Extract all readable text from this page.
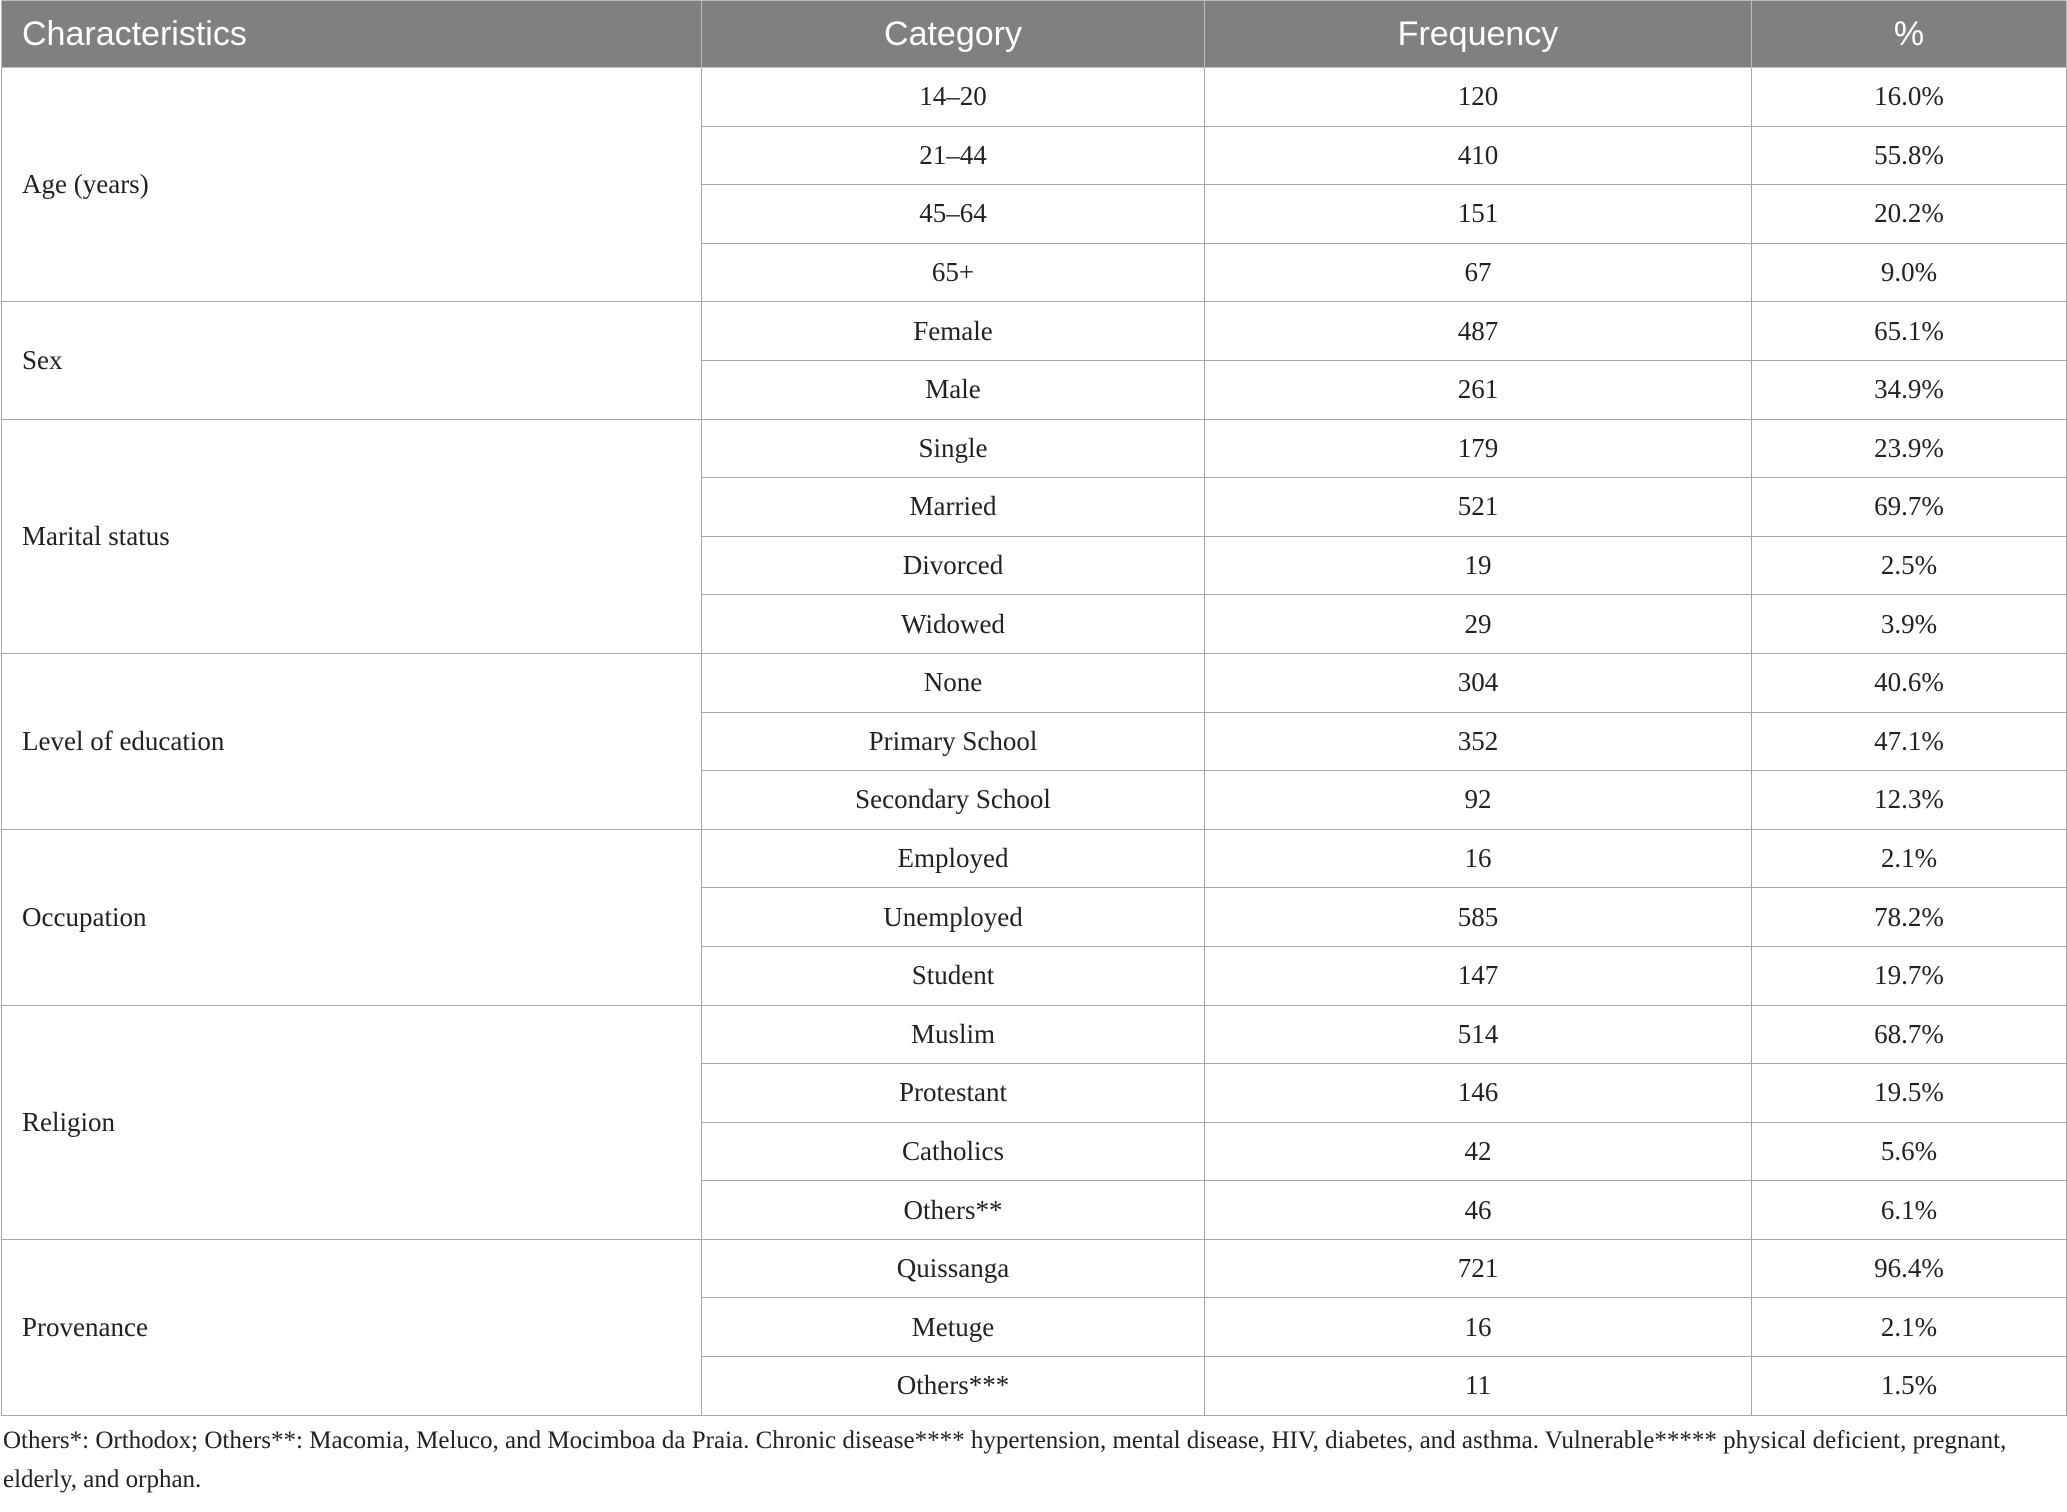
Characteristics	Category	Frequency	%
Age (years)	14–20	120	16.0%
	21–44	410	55.8%
	45–64	151	20.2%
	65+	67	9.0%
Sex	Female	487	65.1%
	Male	261	34.9%
Marital status	Single	179	23.9%
	Married	521	69.7%
	Divorced	19	2.5%
	Widowed	29	3.9%
Level of education	None	304	40.6%
	Primary School	352	47.1%
	Secondary School	92	12.3%
Occupation	Employed	16	2.1%
	Unemployed	585	78.2%
	Student	147	19.7%
Religion	Muslim	514	68.7%
	Protestant	146	19.5%
	Catholics	42	5.6%
	Others**	46	6.1%
Provenance	Quissanga	721	96.4%
	Metuge	16	2.1%
	Others***	11	1.5%
Others*: Orthodox; Others**: Macomia, Meluco, and Mocimboa da Praia. Chronic disease**** hypertension, mental disease, HIV, diabetes, and asthma. Vulnerable***** physical deficient, pregnant, elderly, and orphan.
